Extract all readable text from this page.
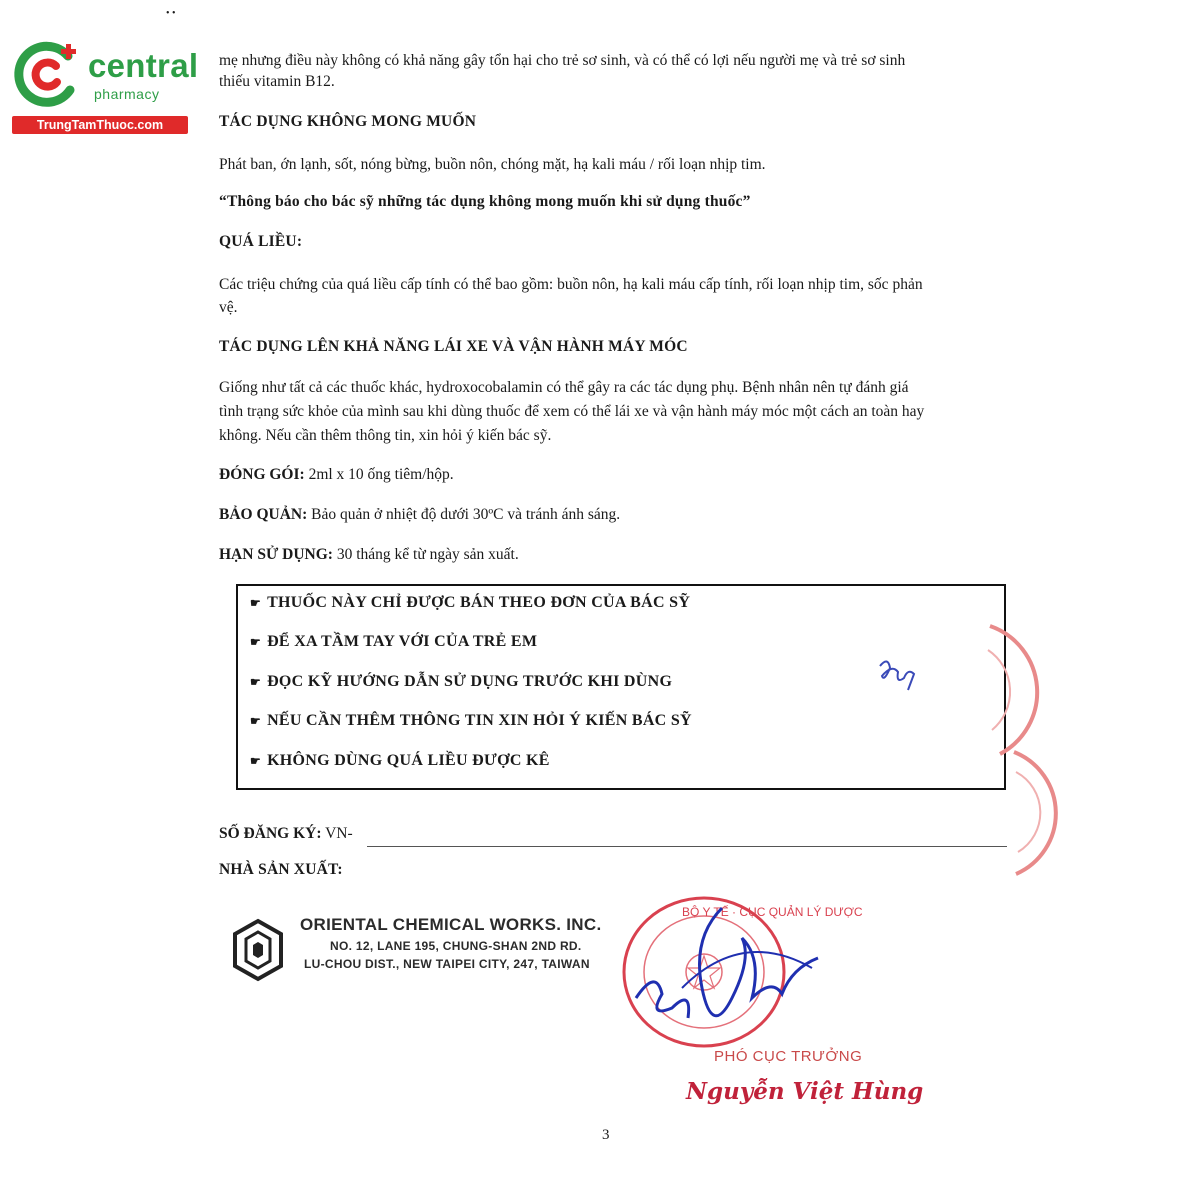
central
pharmacy
TrungTamThuoc.com
• •
mẹ nhưng điều này không có khả năng gây tổn hại cho trẻ sơ sinh, và có thể có lợi nếu người mẹ và trẻ sơ sinh
thiếu vitamin B12.
TÁC DỤNG KHÔNG MONG MUỐN
Phát ban, ớn lạnh, sốt, nóng bừng, buồn nôn, chóng mặt, hạ kali máu / rối loạn nhịp tim.
“Thông báo cho bác sỹ những tác dụng không mong muốn khi sử dụng thuốc”
QUÁ LIỀU:
Các triệu chứng của quá liều cấp tính có thể bao gồm: buồn nôn, hạ kali máu cấp tính, rối loạn nhịp tim, sốc phản
vệ.
TÁC DỤNG LÊN KHẢ NĂNG LÁI XE VÀ VẬN HÀNH MÁY MÓC
Giống như tất cả các thuốc khác, hydroxocobalamin có thể gây ra các tác dụng phụ. Bệnh nhân nên tự đánh giá
tình trạng sức khỏe của mình sau khi dùng thuốc để xem có thể lái xe và vận hành máy móc một cách an toàn hay
không. Nếu cần thêm thông tin, xin hỏi ý kiến bác sỹ.
ĐÓNG GÓI: 2ml x 10 ống tiêm/hộp.
BẢO QUẢN: Bảo quản ở nhiệt độ dưới 30ºC và tránh ánh sáng.
HẠN SỬ DỤNG: 30 tháng kể từ ngày sản xuất.
☛ THUỐC NÀY CHỈ ĐƯỢC BÁN THEO ĐƠN CỦA BÁC SỸ
☛ ĐỂ XA TẦM TAY VỚI CỦA TRẺ EM
☛ ĐỌC KỸ HƯỚNG DẪN SỬ DỤNG TRƯỚC KHI DÙNG
☛ NẾU CẦN THÊM THÔNG TIN XIN HỎI Ý KIẾN BÁC SỸ
☛ KHÔNG DÙNG QUÁ LIỀU ĐƯỢC KÊ
SỐ ĐĂNG KÝ: VN-
NHÀ SẢN XUẤT:
ORIENTAL CHEMICAL WORKS. INC.
NO. 12, LANE 195, CHUNG-SHAN 2ND RD.
LU-CHOU DIST., NEW TAIPEI CITY, 247, TAIWAN
BỘ Y TẾ · CỤC QUẢN LÝ DƯỢC
PHÓ CỤC TRƯỞNG
Nguyễn Việt Hùng
3
